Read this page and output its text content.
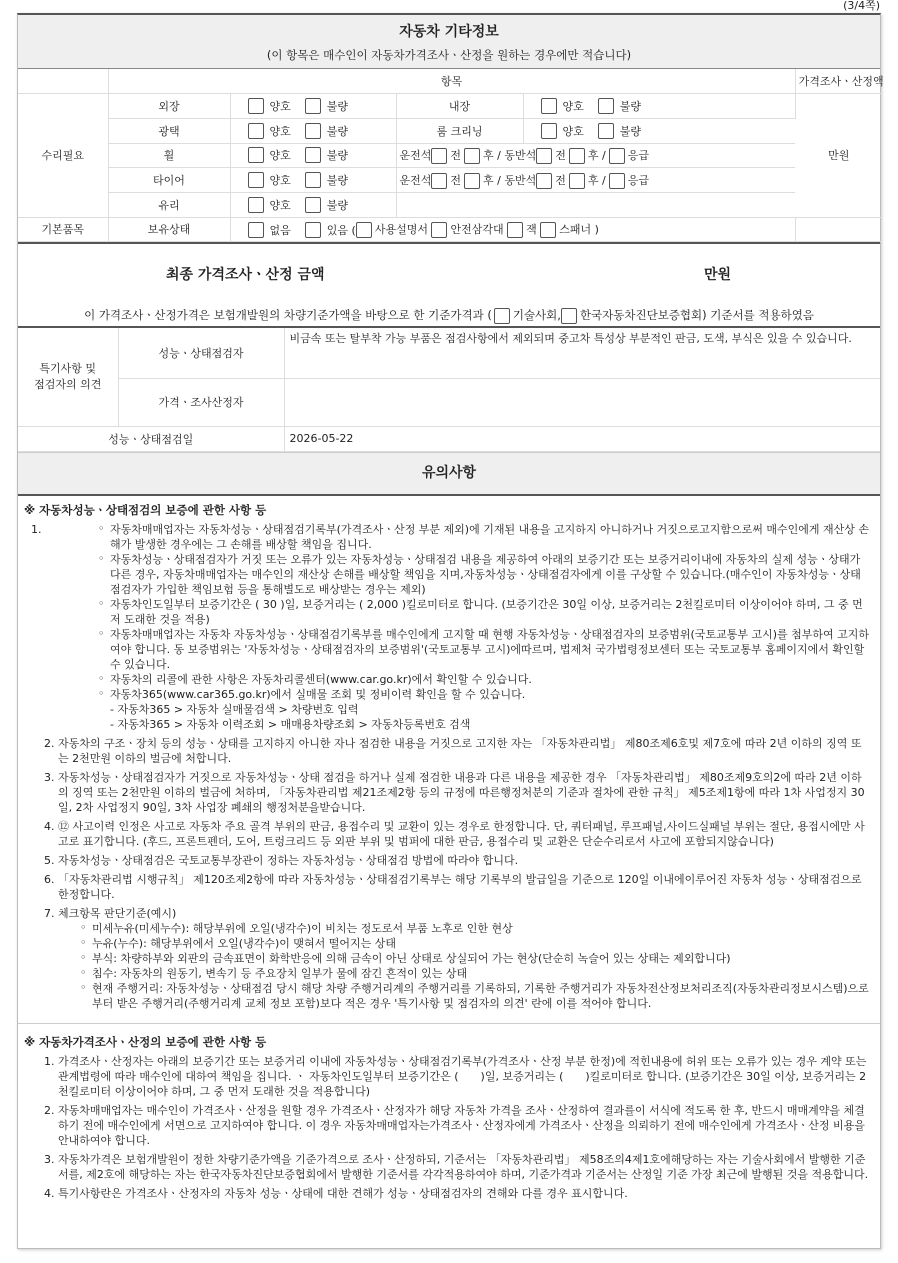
(3/4쪽)
자동차 기타정보
(이 항목은 매수인이 자동차가격조사ㆍ산정을 원하는 경우에만 적습니다)
	항목				가격조사ㆍ산정액
수리필요	외장	양호 불량	내장	양호 불량	만원
	광택	양호 불량	룸 크리닝	양호 불량	
	휠	양호 불량	운전석 전 후 / 동반석 전 후 / 응급		
	타이어	양호 불량	운전석 전 후 / 동반석 전 후 / 응급		
	유리	양호 불량			
기본품목	보유상태	없음 있음 ( 사용설명서 안전삼각대 잭 스패너 )			
최종 가격조사ㆍ산정 금액	만원
이 가격조사ㆍ산정가격은 보험개발원의 차량기준가액을 바탕으로 한 기준가격과 ( 기술사회, 한국자동차진단보증협회) 기준서를 적용하였음
특기사항 및
점검자의 의견	성능ㆍ상태점검자	비금속 또는 탈부착 가능 부품은 점검사항에서 제외되며 중고차 특성상 부분적인 판금, 도색, 부식은 있을 수 있습니다.
	가격ㆍ조사산정자	
성능ㆍ상태점검일		2026-05-22
유의사항
※ 자동차성능ㆍ상태점검의 보증에 관한 사항 등
1.	◦ 자동차매매업자는 자동차성능ㆍ상태점검기록부(가격조사ㆍ산정 부분 제외)에 기재된 내용을 고지하지 아니하거나 거짓으로고지함으로써 매수인에게 재산상 손해가 발생한 경우에는 그 손해를 배상할 책임을 집니다.
◦ 자동차성능ㆍ상태점검자가 거짓 또는 오류가 있는 자동차성능ㆍ상태점검 내용을 제공하여 아래의 보증기간 또는 보증거리이내에 자동차의 실제 성능ㆍ상태가 다른 경우, 자동차매매업자는 매수인의 재산상 손해를 배상할 책임을 지며,자동차성능ㆍ상태점검자에게 이를 구상할 수 있습니다.(매수인이 자동차성능ㆍ상태점검자가 가입한 책임보험 등을 통해별도로 배상받는 경우는 제외)
◦ 자동차인도일부터 보증기간은 ( 30 )일, 보증거리는 ( 2,000 )킬로미터로 합니다. (보증기간은 30일 이상, 보증거리는 2천킬로미터 이상이어야 하며, 그 중 먼저 도래한 것을 적용)
◦ 자동차매매업자는 자동차 자동차성능ㆍ상태점검기록부를 매수인에게 고지할 때 현행 자동차성능ㆍ상태점검자의 보증범위(국토교통부 고시)를 첨부하여 고지하여야 합니다. 동 보증범위는 '자동차성능ㆍ상태점검자의 보증범위'(국토교통부 고시)에따르며, 법제처 국가법령정보센터 또는 국토교통부 홈페이지에서 확인할 수 있습니다.
◦ 자동차의 리콜에 관한 사항은 자동차리콜센터(www.car.go.kr)에서 확인할 수 있습니다.
◦ 자동차365(www.car365.go.kr)에서 실매물 조회 및 정비이력 확인을 할 수 있습니다.
- 자동차365 > 자동차 실매물검색 > 차량번호 입력
- 자동차365 > 자동차 이력조회 > 매매용차량조회 > 자동차등록번호 검색
2. 자동차의 구조ㆍ장치 등의 성능ㆍ상태를 고지하지 아니한 자나 점검한 내용을 거짓으로 고지한 자는 「자동차관리법」 제80조제6호및 제7호에 따라 2년 이하의 징역 또는 2천만원 이하의 벌금에 처합니다.
3. 자동차성능ㆍ상태점검자가 거짓으로 자동차성능ㆍ상태 점검을 하거나 실제 점검한 내용과 다른 내용을 제공한 경우 「자동차관리법」 제80조제9호의2에 따라 2년 이하의 징역 또는 2천만원 이하의 벌금에 처하며, 「자동차관리법 제21조제2항 등의 규정에 따른행정처분의 기준과 절차에 관한 규칙」 제5조제1항에 따라 1차 사업정지 30일, 2차 사업정지 90일, 3차 사업장 폐쇄의 행정처분을받습니다.
4. ⑫ 사고이력 인정은 사고로 자동차 주요 골격 부위의 판금, 용접수리 및 교환이 있는 경우로 한정합니다. 단, 쿼터패널, 루프패널,사이드실패널 부위는 절단, 용접시에만 사고로 표기합니다. (후드, 프론트펜더, 도어, 트렁크리드 등 외판 부위 및 범퍼에 대한 판금, 용접수리 및 교환은 단순수리로서 사고에 포함되지않습니다)
5. 자동차성능ㆍ상태점검은 국토교통부장관이 정하는 자동차성능ㆍ상태점검 방법에 따라야 합니다.
6. 「자동차관리법 시행규칙」 제120조제2항에 따라 자동차성능ㆍ상태점검기록부는 해당 기록부의 발급일을 기준으로 120일 이내에이루어진 자동차 성능ㆍ상태점검으로 한정합니다.
7. 체크항목 판단기준(예시)
◦ 미세누유(미세누수): 해당부위에 오일(냉각수)이 비치는 정도로서 부품 노후로 인한 현상
◦ 누유(누수): 해당부위에서 오일(냉각수)이 맺혀서 떨어지는 상태
◦ 부식: 차량하부와 외판의 금속표면이 화학반응에 의해 금속이 아닌 상태로 상실되어 가는 현상(단순히 녹슬어 있는 상태는 제외합니다)
◦ 침수: 자동차의 원동기, 변속기 등 주요장치 일부가 물에 잠긴 흔적이 있는 상태
◦ 현재 주행거리: 자동차성능ㆍ상태점검 당시 해당 차량 주행거리계의 주행거리를 기록하되, 기록한 주행거리가 자동차전산정보처리조직(자동차관리정보시스템)으로부터 받은 주행거리(주행거리계 교체 정보 포함)보다 적은 경우 '특기사항 및 점검자의 의견' 란에 이를 적어야 합니다.
※ 자동차가격조사ㆍ산정의 보증에 관한 사항 등
1. 가격조사ㆍ산정자는 아래의 보증기간 또는 보증거리 이내에 자동차성능ㆍ상태점검기록부(가격조사ㆍ산정 부분 한정)에 적힌내용에 허위 또는 오류가 있는 경우 계약 또는 관계법령에 따라 매수인에 대하여 책임을 집니다. ㆍ 자동차인도일부터 보증기간은 (　　)일, 보증거리는 (　　)킬로미터로 합니다. (보증기간은 30일 이상, 보증거리는 2천킬로미터 이상이어야 하며, 그 중 먼저 도래한 것을 적용합니다)
2. 자동차매매업자는 매수인이 가격조사ㆍ산정을 원할 경우 가격조사ㆍ산정자가 해당 자동차 가격을 조사ㆍ산정하여 결과를이 서식에 적도록 한 후, 반드시 매매계약을 체결하기 전에 매수인에게 서면으로 고지하여야 합니다. 이 경우 자동차매매업자는가격조사ㆍ산정자에게 가격조사ㆍ산정을 의뢰하기 전에 매수인에게 가격조사ㆍ산정 비용을 안내하여야 합니다.
3. 자동차가격은 보험개발원이 정한 차량기준가액을 기준가격으로 조사ㆍ산정하되, 기준서는 「자동차관리법」 제58조의4제1호에해당하는 자는 기술사회에서 발행한 기준서를, 제2호에 해당하는 자는 한국자동차진단보증협회에서 발행한 기준서를 각각적용하여야 하며, 기준가격과 기준서는 산정일 기준 가장 최근에 발행된 것을 적용합니다.
4. 특기사항란은 가격조사ㆍ산정자의 자동차 성능ㆍ상태에 대한 견해가 성능ㆍ상태점검자의 견해와 다를 경우 표시합니다.
